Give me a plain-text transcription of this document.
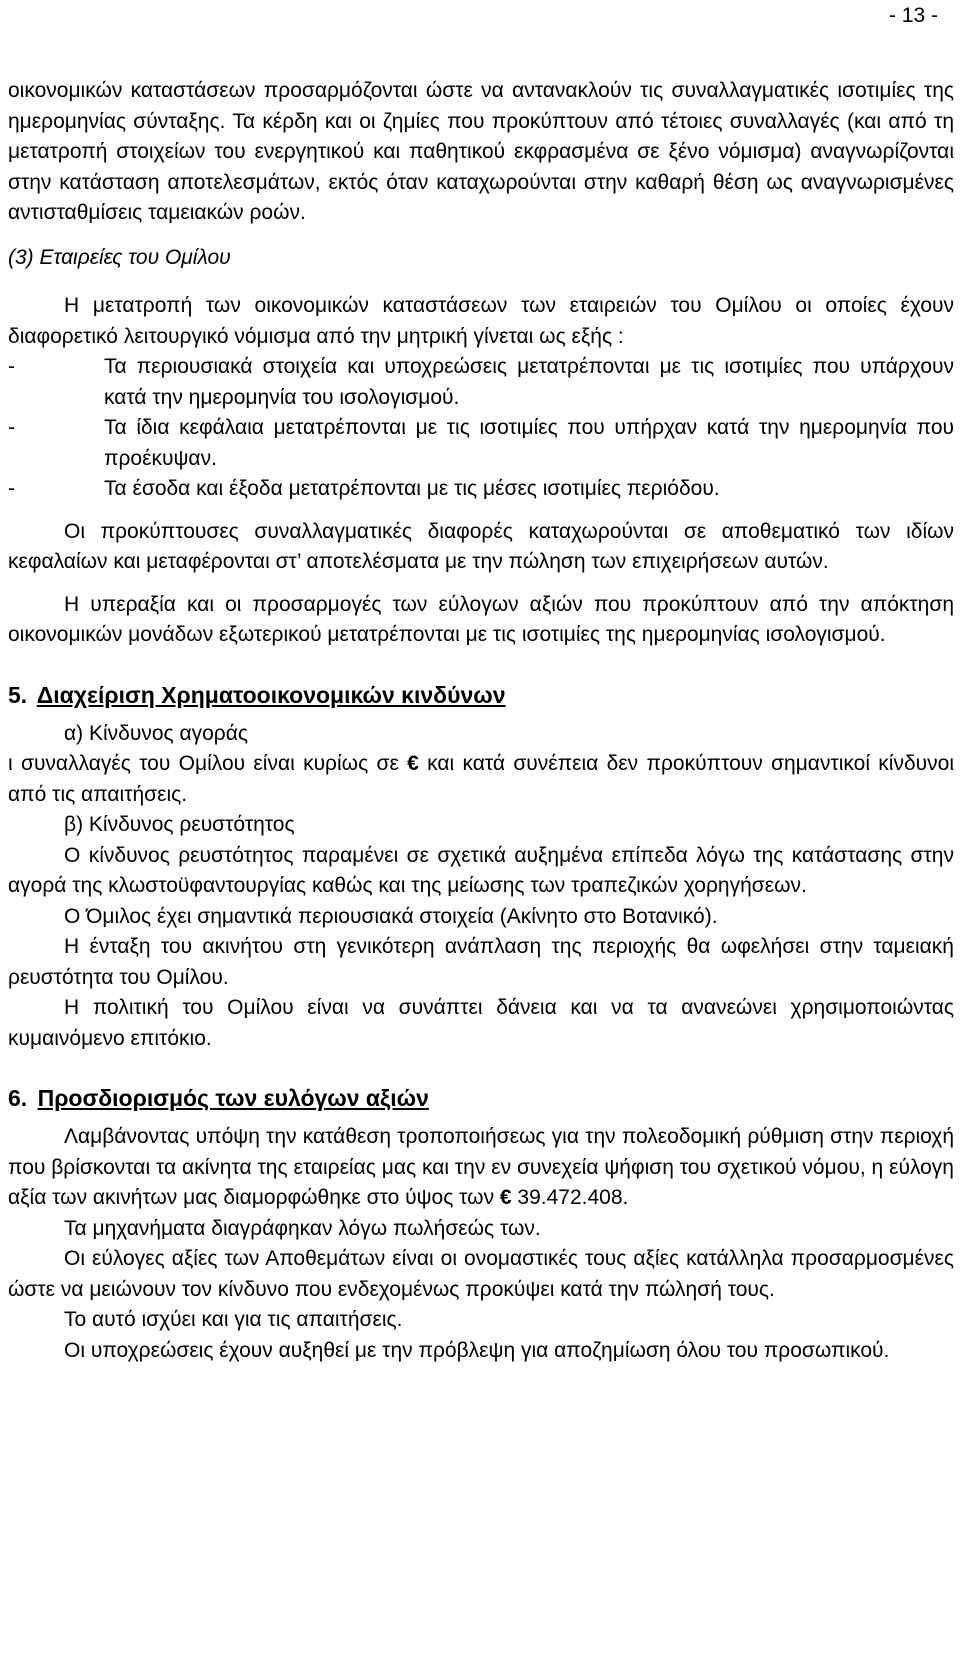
- 13 -

οικονομικών καταστάσεων προσαρμόζονται ώστε να αντανακλούν τις συναλλαγματικές ισοτιμίες της ημερομηνίας σύνταξης. Τα κέρδη και οι ζημίες που προκύπτουν από τέτοιες συναλλαγές (και από τη μετατροπή στοιχείων του ενεργητικού και παθητικού εκφρασμένα σε ξένο νόμισμα) αναγνωρίζονται στην κατάσταση αποτελεσμάτων, εκτός όταν καταχωρούνται στην καθαρή θέση ως αναγνωρισμένες αντισταθμίσεις ταμειακών ροών.

(3) Εταιρείες του Ομίλου

Η μετατροπή των οικονομικών καταστάσεων των εταιρειών του Ομίλου οι οποίες έχουν διαφορετικό λειτουργικό νόμισμα από την μητρική γίνεται ως εξής :

- Τα περιουσιακά στοιχεία και υποχρεώσεις μετατρέπονται με τις ισοτιμίες που υπάρχουν κατά την ημερομηνία του ισολογισμού.
- Τα ίδια κεφάλαια μετατρέπονται με τις ισοτιμίες που υπήρχαν κατά την ημερομηνία που προέκυψαν.
- Τα έσοδα και έξοδα μετατρέπονται με τις μέσες ισοτιμίες περιόδου.

Οι προκύπτουσες συναλλαγματικές διαφορές καταχωρούνται σε αποθεματικό των ιδίων κεφαλαίων και μεταφέρονται στ’ αποτελέσματα με την πώληση των επιχειρήσεων αυτών.

Η υπεραξία και οι προσαρμογές των εύλογων αξιών που προκύπτουν από την απόκτηση οικονομικών μονάδων εξωτερικού μετατρέπονται με τις ισοτιμίες της ημερομηνίας ισολογισμού.

5. Διαχείριση Χρηματοοικονομικών κινδύνων

α) Κίνδυνος αγοράς

ι συναλλαγές του Ομίλου είναι κυρίως σε € και κατά συνέπεια δεν προκύπτουν σημαντικοί κίνδυνοι από τις απαιτήσεις.

β) Κίνδυνος ρευστότητος

Ο κίνδυνος ρευστότητος παραμένει σε σχετικά αυξημένα επίπεδα λόγω της κατάστασης στην αγορά της κλωστοϋφαντουργίας καθώς και της μείωσης των τραπεζικών χορηγήσεων.

Ο Όμιλος έχει σημαντικά περιουσιακά στοιχεία (Ακίνητο στο Βοτανικό).

Η ένταξη του ακινήτου στη γενικότερη ανάπλαση της περιοχής θα ωφελήσει στην ταμειακή ρευστότητα του Ομίλου.

Η πολιτική του Ομίλου είναι να συνάπτει δάνεια και να τα ανανεώνει χρησιμοποιώντας κυμαινόμενο επιτόκιο.

6. Προσδιορισμός των ευλόγων αξιών

Λαμβάνοντας υπόψη την κατάθεση τροποποιήσεως για την πολεοδομική ρύθμιση στην περιοχή που βρίσκονται τα ακίνητα της εταιρείας μας και την εν συνεχεία ψήφιση του σχετικού νόμου, η εύλογη αξία των ακινήτων μας διαμορφώθηκε στο ύψος των € 39.472.408.

Τα μηχανήματα διαγράφηκαν λόγω πωλήσεώς των.

Οι εύλογες αξίες των Αποθεμάτων είναι οι ονομαστικές τους αξίες κατάλληλα προσαρμοσμένες ώστε να μειώνουν τον κίνδυνο που ενδεχομένως προκύψει κατά την πώλησή τους.

Το αυτό ισχύει και για τις απαιτήσεις.

Οι υποχρεώσεις έχουν αυξηθεί με την πρόβλεψη για αποζημίωση όλου του προσωπικού.
